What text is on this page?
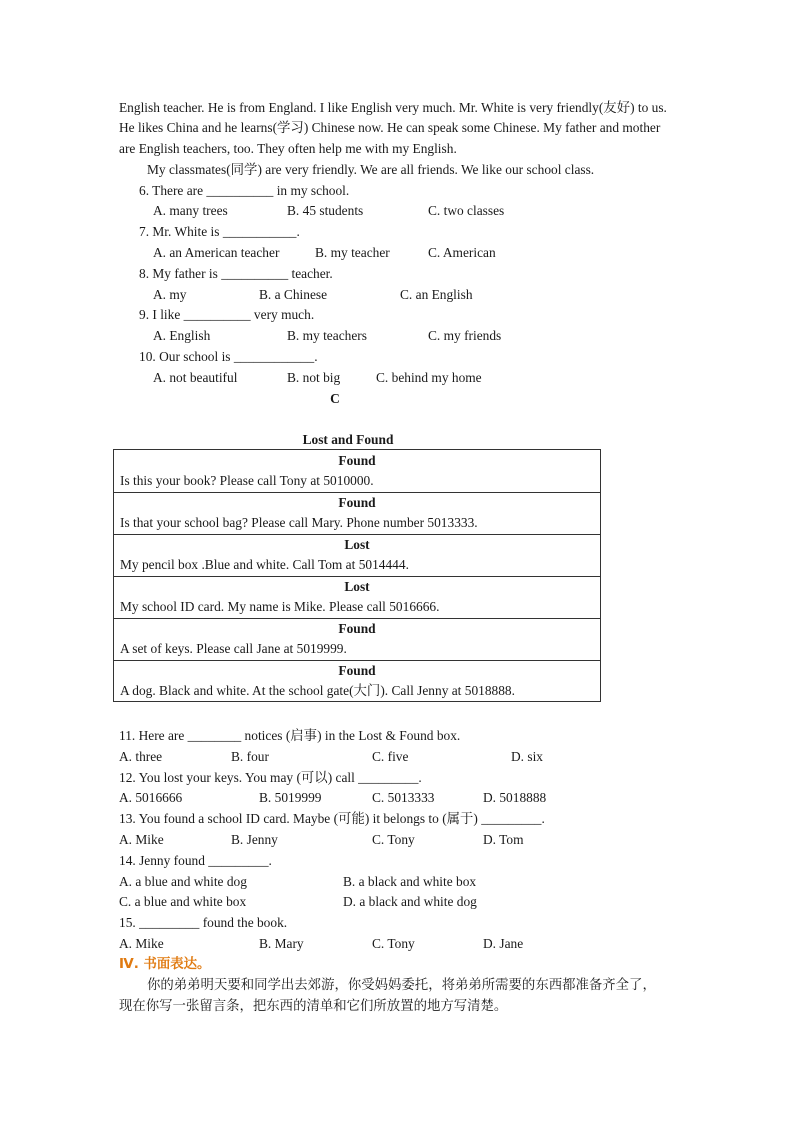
English teacher. He is from England. I like English very much. Mr. White is very friendly(友好) to us.
He likes China and he learns(学习) Chinese now. He can speak some Chinese. My father and mother
are English teachers, too. They often help me with my English.
My classmates(同学) are very friendly. We are all friends. We like our school class.
6. There are __________ in my school.
A. many trees	B. 45 students	C. two classes
7. Mr. White is ___________.
A. an American teacher	B. my teacher	C. American
8. My father is __________ teacher.
A. my	B. a Chinese	C. an English
9. I like __________ very much.
A. English	B. my teachers	C. my friends
10. Our school is ____________.
A. not beautiful	B. not big	C. behind my home
C
Lost and Found
Found
Is this your book? Please call Tony at 5010000.
Found
Is that your school bag? Please call Mary. Phone number 5013333.
Lost
My pencil box .Blue and white. Call Tom at 5014444.
Lost
My school ID card. My name is Mike. Please call 5016666.
Found
A set of keys. Please call Jane at 5019999.
Found
A dog. Black and white. At the school gate(大门). Call Jenny at 5018888.
11. Here are ________ notices (启事) in the Lost & Found box.
A. three	B. four	C. five	D. six
12. You lost your keys. You may (可以) call _________.
A. 5016666	B. 5019999	C. 5013333	D. 5018888
13. You found a school ID card. Maybe (可能) it belongs to (属于) _________.
A. Mike	B. Jenny	C. Tony	D. Tom
14. Jenny found _________.
A. a blue and white dog	B. a black and white box
C. a blue and white box	D. a black and white dog
15. _________ found the book.
A. Mike	B. Mary	C. Tony	D. Jane
Ⅳ. 书面表达。
你的弟弟明天要和同学出去郊游，你受妈妈委托，将弟弟所需要的东西都准备齐全了，
现在你写一张留言条，把东西的清单和它们所放置的地方写清楚。
